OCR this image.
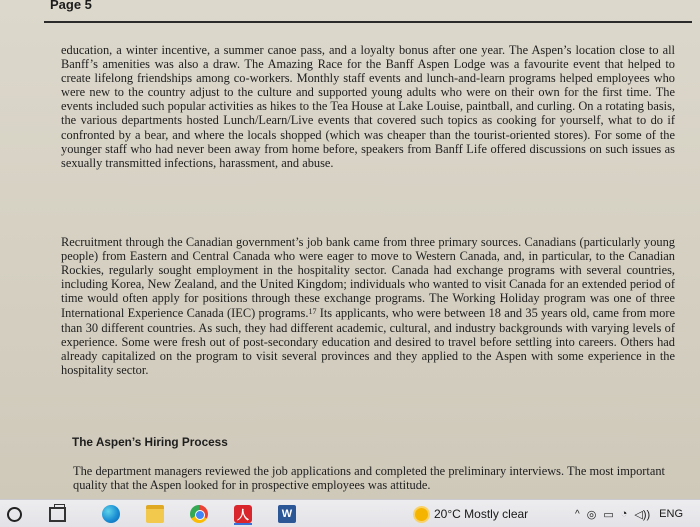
Page 5

education, a winter incentive, a summer canoe pass, and a loyalty bonus after one year. The Aspen’s location close to all Banff’s amenities was also a draw. The Amazing Race for the Banff Aspen Lodge was a favourite event that helped to create lifelong friendships among co-workers. Monthly staff events and lunch-and-learn programs helped employees who were new to the country adjust to the culture and supported young adults who were on their own for the first time. The events included such popular activities as hikes to the Tea House at Lake Louise, paintball, and curling. On a rotating basis, the various departments hosted Lunch/Learn/Live events that covered such topics as cooking for yourself, what to do if confronted by a bear, and where the locals shopped (which was cheaper than the tourist-oriented stores). For some of the younger staff who had never been away from home before, speakers from Banff Life offered discussions on such issues as sexually transmitted infections, harassment, and abuse.

Recruitment through the Canadian government’s job bank came from three primary sources. Canadians (particularly young people) from Eastern and Central Canada who were eager to move to Western Canada, and, in particular, to the Canadian Rockies, regularly sought employment in the hospitality sector. Canada had exchange programs with several countries, including Korea, New Zealand, and the United Kingdom; individuals who wanted to visit Canada for an extended period of time would often apply for positions through these exchange programs. The Working Holiday program was one of three International Experience Canada (IEC) programs.$^{17}$ Its applicants, who were between 18 and 35 years old, came from more than 30 different countries. As such, they had different academic, cultural, and industry backgrounds with varying levels of experience. Some were fresh out of post-secondary education and desired to travel before settling into careers. Others had already capitalized on the program to visit several provinces and they applied to the Aspen with some experience in the hospitality sector.

The Aspen’s Hiring Process

The department managers reviewed the job applications and completed the preliminary interviews. The most important quality that the Aspen looked for in prospective employees was attitude.

人	W	20°C Mostly clear	^ ◎ ▭ ◔ ◁)) ENG
